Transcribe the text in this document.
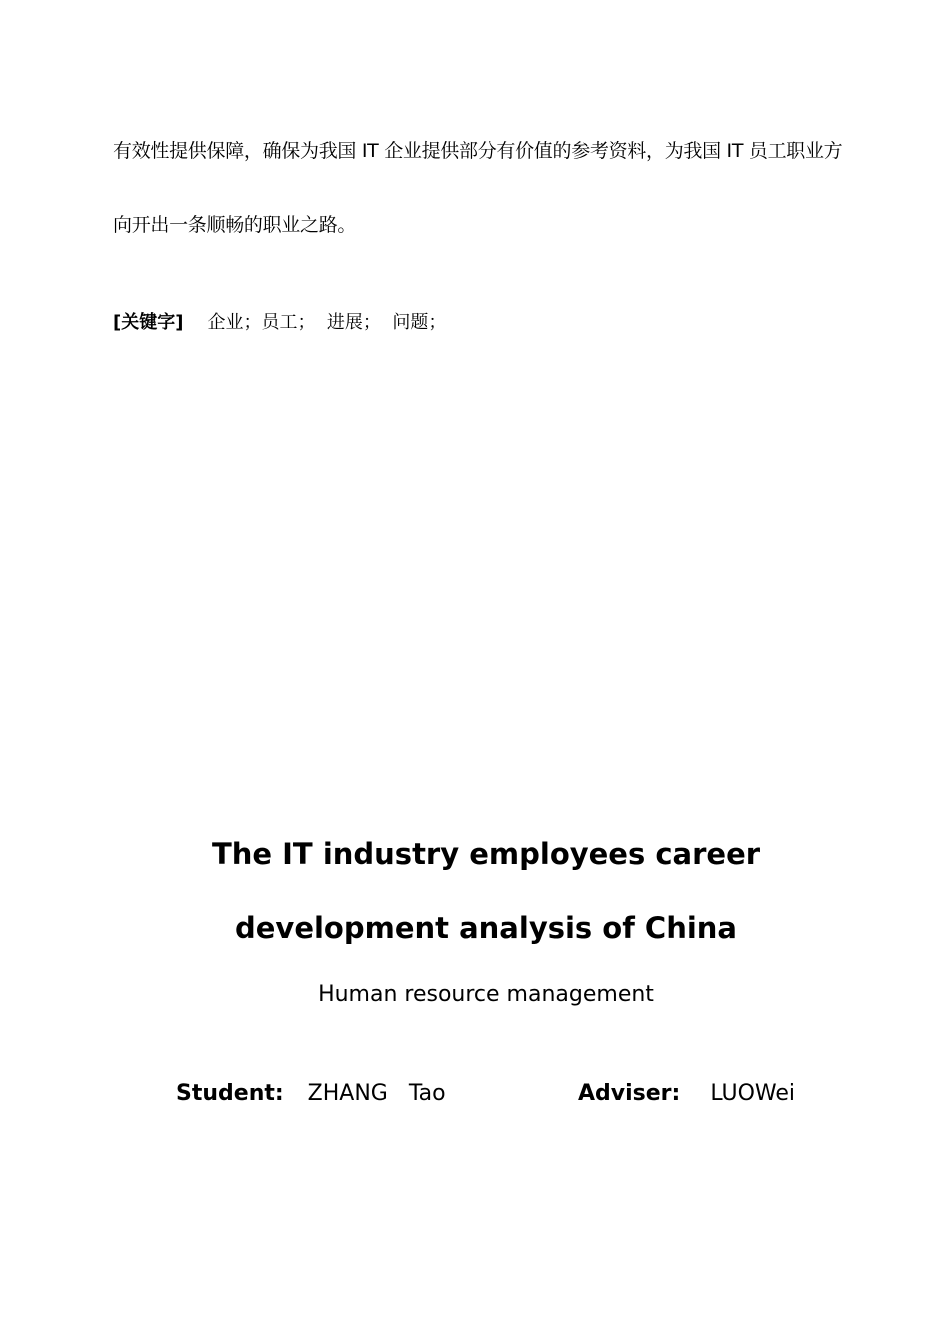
有效性提供保障，确保为我国 IT 企业提供部分有价值的参考资料，为我国 IT 员工职业方
向开出一条顺畅的职业之路。
[关键字] 企业；员工；  进展；  问题；
The IT industry employees career
development analysis of China
Human resource management
Student: ZHANG   Tao	Adviser: LUOWei
